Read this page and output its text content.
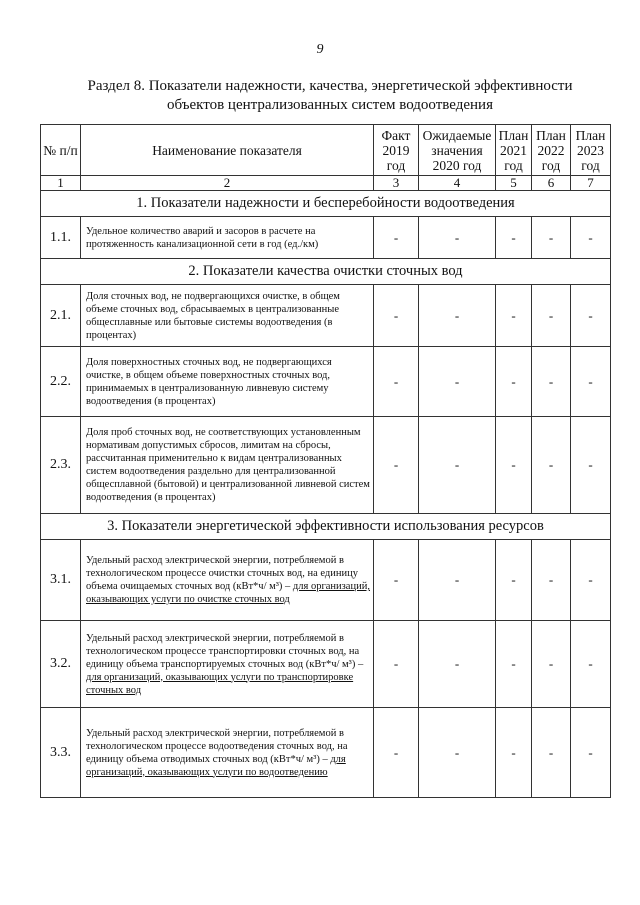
9
Раздел 8. Показатели надежности, качества, энергетической эффективности
объектов централизованных систем водоотведения
№ п/п	Наименование показателя	Факт 2019 год	Ожидаемые значения 2020 год	План 2021 год	План 2022 год	План 2023 год
1	2	3	4	5	6	7
1. Показатели надежности и бесперебойности водоотведения						
1.1.	Удельное количество аварий и засоров в расчете на протяженность канализационной сети в год (ед./км)	-	-	-	-	-
2. Показатели качества очистки сточных вод						
2.1.	Доля сточных вод, не подвергающихся очистке, в общем объеме сточных вод, сбрасываемых в централизованные общесплавные или бытовые системы водоотведения (в процентах)	-	-	-	-	-
2.2.	Доля поверхностных сточных вод, не подвергающихся очистке, в общем объеме поверхностных сточных вод, принимаемых в централизованную ливневую систему водоотведения (в процентах)	-	-	-	-	-
2.3.	Доля проб сточных вод, не соответствующих установленным нормативам допустимых сбросов, лимитам на сбросы, рассчитанная применительно к видам централизованных систем водоотведения раздельно для централизованной общесплавной (бытовой) и централизованной ливневой систем водоотведения (в процентах)	-	-	-	-	-
3. Показатели энергетической эффективности использования ресурсов						
3.1.	Удельный расход электрической энергии, потребляемой в технологическом процессе очистки сточных вод, на единицу объема очищаемых сточных вод (кВт*ч/ м³) – для организаций, оказывающих услуги по очистке сточных вод	-	-	-	-	-
3.2.	Удельный расход электрической энергии, потребляемой в технологическом процессе транспортировки сточных вод, на единицу объема транспортируемых сточных вод (кВт*ч/ м³) – для организаций, оказывающих услуги по транспортировке сточных вод	-	-	-	-	-
3.3.	Удельный расход электрической энергии, потребляемой в технологическом процессе водоотведения сточных вод, на единицу объема отводимых сточных вод (кВт*ч/ м³) – для организаций, оказывающих услуги по водоотведению	-	-	-	-	-
